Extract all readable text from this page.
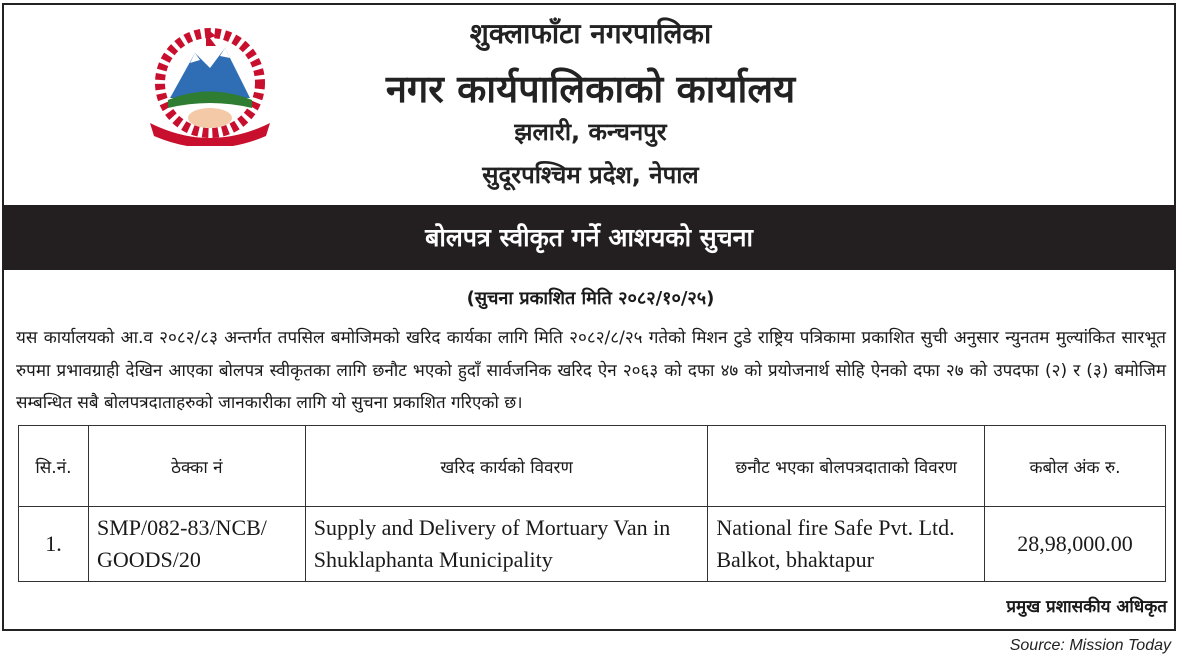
शुक्लाफाँटा नगरपालिका
नगर कार्यपालिकाको कार्यालय
झलारी, कन्चनपुर
सुदूरपश्चिम प्रदेश, नेपाल
बोलपत्र स्वीकृत गर्ने आशयको सुचना
(सुचना प्रकाशित मिति २०८२/१०/२५)
यस कार्यालयको आ.व २०८२/८३ अन्तर्गत तपसिल बमोजिमको खरिद कार्यका लागि मिति २०८२/८/२५ गतेको मिशन टुडे राष्ट्रिय पत्रिकामा प्रकाशित सुची अनुसार न्युनतम मुल्यांकित सारभूत रुपमा प्रभावग्राही देखिन आएका बोलपत्र स्वीकृतका लागि छनौट भएको हुदाँ सार्वजनिक खरिद ऐन २०६३ को दफा ४७ को प्रयोजनार्थ सोहि ऐनको दफा २७ को उपदफा (२) र (३) बमोजिम सम्बन्धित सबै बोलपत्रदाताहरुको जानकारीका लागि यो सुचना प्रकाशित गरिएको छ।
सि.नं.	ठेक्का नं	खरिद कार्यको विवरण	छनौट भएका बोलपत्रदाताको विवरण	कबोल अंक रु.
1.	SMP/082-83/NCB/ GOODS/20	Supply and Delivery of Mortuary Van in Shuklaphanta Municipality	National fire Safe Pvt. Ltd. Balkot, bhaktapur	28,98,000.00
प्रमुख प्रशासकीय अधिकृत
Source: Mission Today
